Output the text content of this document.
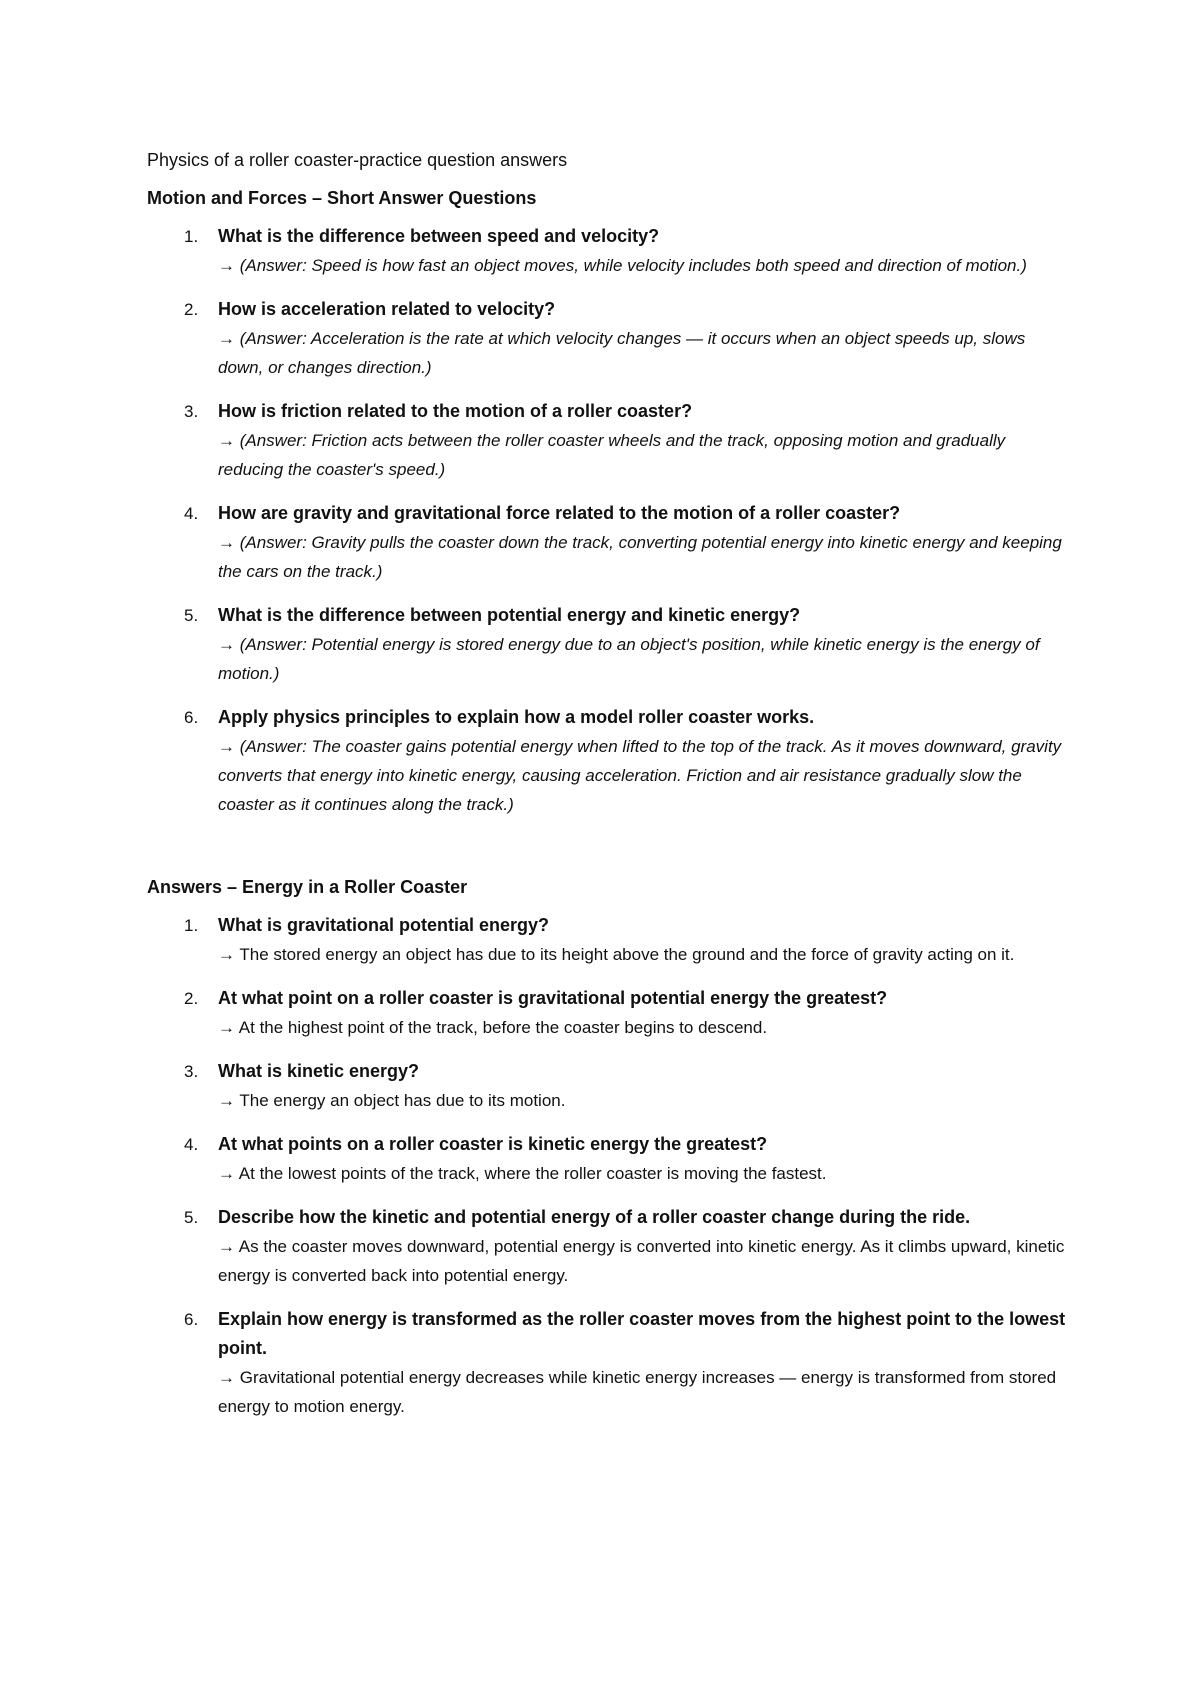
Physics of a roller coaster-practice question answers

Motion and Forces – Short Answer Questions
1. What is the difference between speed and velocity?
→ (Answer: Speed is how fast an object moves, while velocity includes both speed and direction of motion.)
2. How is acceleration related to velocity?
→ (Answer: Acceleration is the rate at which velocity changes — it occurs when an object speeds up, slows down, or changes direction.)
3. How is friction related to the motion of a roller coaster?
→ (Answer: Friction acts between the roller coaster wheels and the track, opposing motion and gradually reducing the coaster's speed.)
4. How are gravity and gravitational force related to the motion of a roller coaster?
→ (Answer: Gravity pulls the coaster down the track, converting potential energy into kinetic energy and keeping the cars on the track.)
5. What is the difference between potential energy and kinetic energy?
→ (Answer: Potential energy is stored energy due to an object's position, while kinetic energy is the energy of motion.)
6. Apply physics principles to explain how a model roller coaster works.
→ (Answer: The coaster gains potential energy when lifted to the top of the track. As it moves downward, gravity converts that energy into kinetic energy, causing acceleration. Friction and air resistance gradually slow the coaster as it continues along the track.)
Answers – Energy in a Roller Coaster
1. What is gravitational potential energy?
→ The stored energy an object has due to its height above the ground and the force of gravity acting on it.
2. At what point on a roller coaster is gravitational potential energy the greatest?
→ At the highest point of the track, before the coaster begins to descend.
3. What is kinetic energy?
→ The energy an object has due to its motion.
4. At what points on a roller coaster is kinetic energy the greatest?
→ At the lowest points of the track, where the roller coaster is moving the fastest.
5. Describe how the kinetic and potential energy of a roller coaster change during the ride.
→ As the coaster moves downward, potential energy is converted into kinetic energy. As it climbs upward, kinetic energy is converted back into potential energy.
6. Explain how energy is transformed as the roller coaster moves from the highest point to the lowest point.
→ Gravitational potential energy decreases while kinetic energy increases — energy is transformed from stored energy to motion energy.
